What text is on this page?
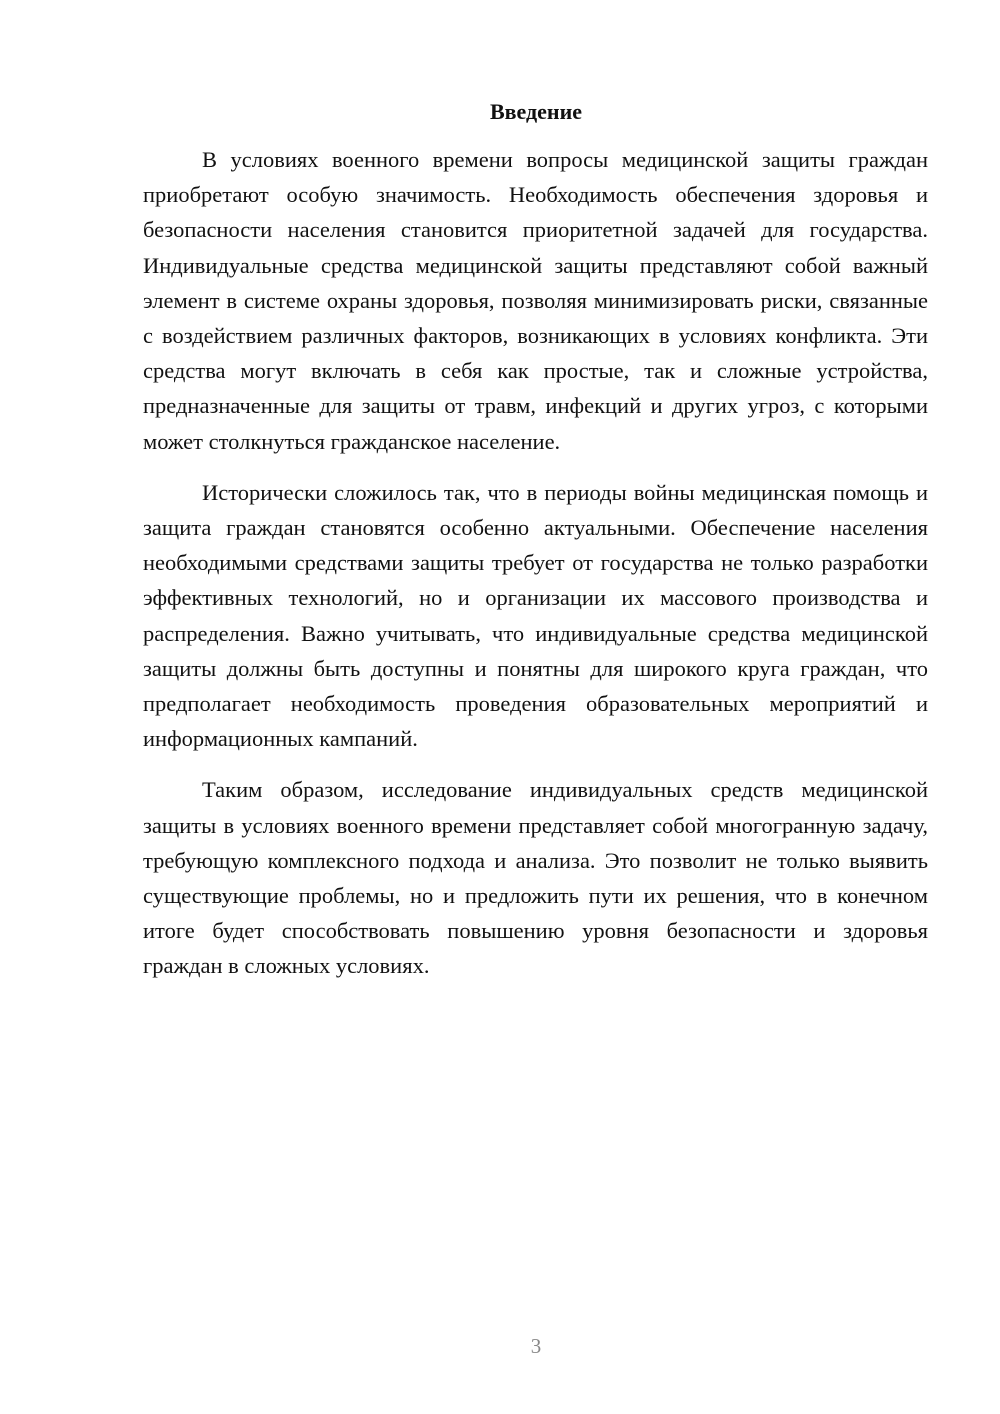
Введение

В условиях военного времени вопросы медицинской защиты граждан приобретают особую значимость. Необходимость обеспечения здоровья и безопасности населения становится приоритетной задачей для государства. Индивидуальные средства медицинской защиты представляют собой важный элемент в системе охраны здоровья, позволяя минимизировать риски, связанные с воздействием различных факторов, возникающих в условиях конфликта. Эти средства могут включать в себя как простые, так и сложные устройства, предназначенные для защиты от травм, инфекций и других угроз, с которыми может столкнуться гражданское население.

Исторически сложилось так, что в периоды войны медицинская помощь и защита граждан становятся особенно актуальными. Обеспечение населения необходимыми средствами защиты требует от государства не только разработки эффективных технологий, но и организации их массового производства и распределения. Важно учитывать, что индивидуальные средства медицинской защиты должны быть доступны и понятны для широкого круга граждан, что предполагает необходимость проведения образовательных мероприятий и информационных кампаний.

Таким образом, исследование индивидуальных средств медицинской защиты в условиях военного времени представляет собой многогранную задачу, требующую комплексного подхода и анализа. Это позволит не только выявить существующие проблемы, но и предложить пути их решения, что в конечном итоге будет способствовать повышению уровня безопасности и здоровья граждан в сложных условиях.

3
